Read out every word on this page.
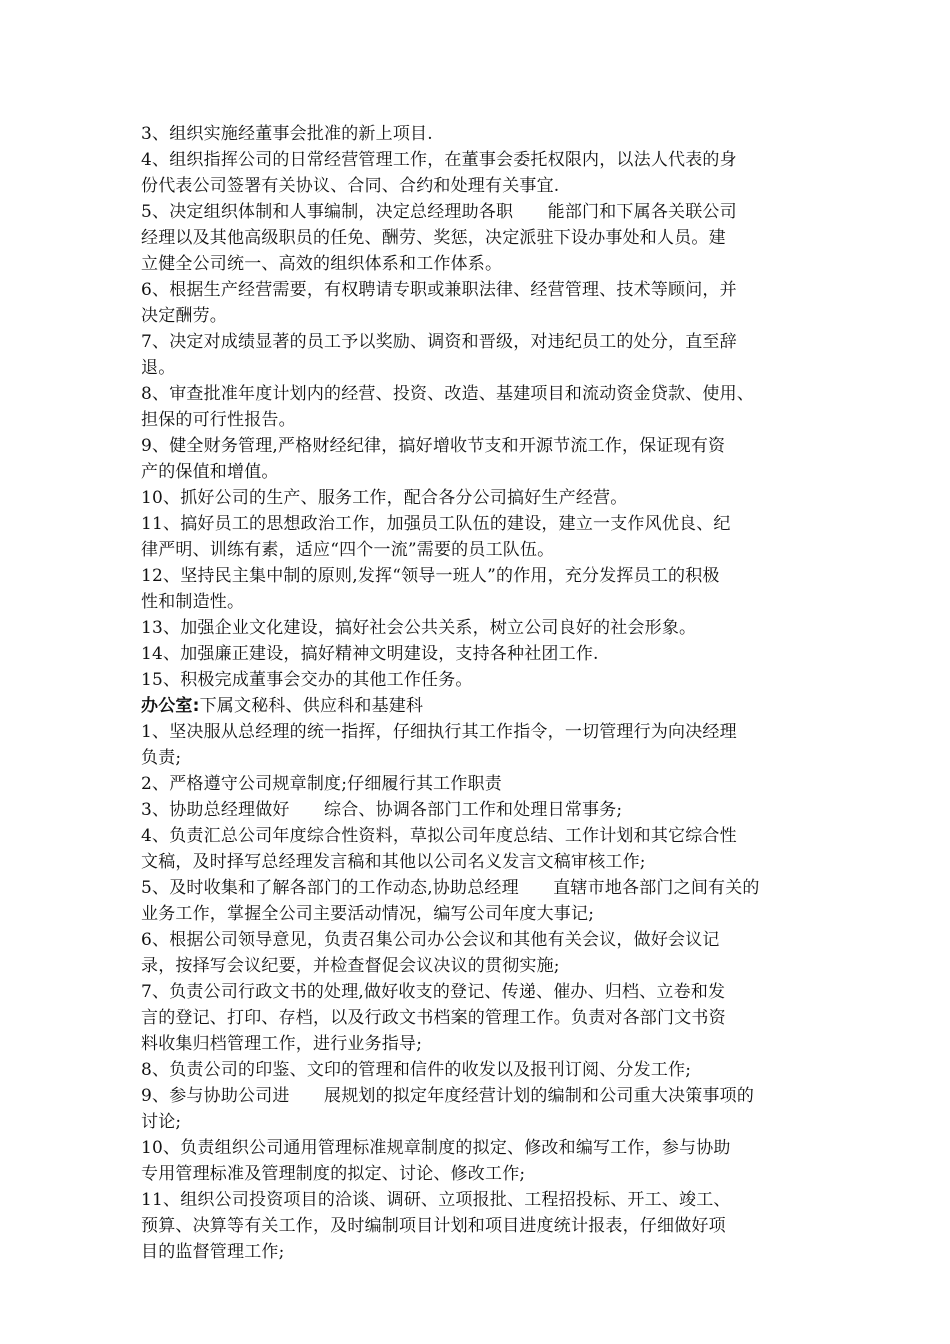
3、组织实施经董事会批准的新上项目.
4、组织指挥公司的日常经营管理工作，在董事会委托权限内，以法人代表的身
份代表公司签署有关协议、合同、合约和处理有关事宜.
5、决定组织体制和人事编制，决定总经理助各职　　能部门和下属各关联公司
经理以及其他高级职员的任免、酬劳、奖惩，决定派驻下设办事处和人员。建
立健全公司统一、高效的组织体系和工作体系。
6、根据生产经营需要，有权聘请专职或兼职法律、经营管理、技术等顾问，并
决定酬劳。
7、决定对成绩显著的员工予以奖励、调资和晋级，对违纪员工的处分，直至辞
退。
8、审查批准年度计划内的经营、投资、改造、基建项目和流动资金贷款、使用、
担保的可行性报告。
9、健全财务管理,严格财经纪律，搞好增收节支和开源节流工作，保证现有资
产的保值和增值。
10、抓好公司的生产、服务工作，配合各分公司搞好生产经营。
11、搞好员工的思想政治工作，加强员工队伍的建设，建立一支作风优良、纪
律严明、训练有素，适应“四个一流”需要的员工队伍。
12、坚持民主集中制的原则,发挥“领导一班人”的作用，充分发挥员工的积极
性和制造性。
13、加强企业文化建设，搞好社会公共关系，树立公司良好的社会形象。
14、加强廉正建设，搞好精神文明建设，支持各种社团工作.
15、积极完成董事会交办的其他工作任务。
办公室:下属文秘科、供应科和基建科
1、坚决服从总经理的统一指挥，仔细执行其工作指令，一切管理行为向决经理
负责;
2、严格遵守公司规章制度;仔细履行其工作职责
3、协助总经理做好　　综合、协调各部门工作和处理日常事务;
4、负责汇总公司年度综合性资料，草拟公司年度总结、工作计划和其它综合性
文稿，及时择写总经理发言稿和其他以公司名义发言文稿审核工作;
5、及时收集和了解各部门的工作动态,协助总经理　　直辖市地各部门之间有关的
业务工作，掌握全公司主要活动情况，编写公司年度大事记;
6、根据公司领导意见，负责召集公司办公会议和其他有关会议，做好会议记
录，按择写会议纪要，并检查督促会议决议的贯彻实施;
7、负责公司行政文书的处理,做好收支的登记、传递、催办、归档、立卷和发
言的登记、打印、存档，以及行政文书档案的管理工作。负责对各部门文书资
料收集归档管理工作，进行业务指导;
8、负责公司的印鉴、文印的管理和信件的收发以及报刊订阅、分发工作;
9、参与协助公司进　　展规划的拟定年度经营计划的编制和公司重大决策事项的
讨论;
10、负责组织公司通用管理标准规章制度的拟定、修改和编写工作，参与协助
专用管理标准及管理制度的拟定、讨论、修改工作;
11、组织公司投资项目的洽谈、调研、立项报批、工程招投标、开工、竣工、
预算、决算等有关工作，及时编制项目计划和项目进度统计报表，仔细做好项
目的监督管理工作;
